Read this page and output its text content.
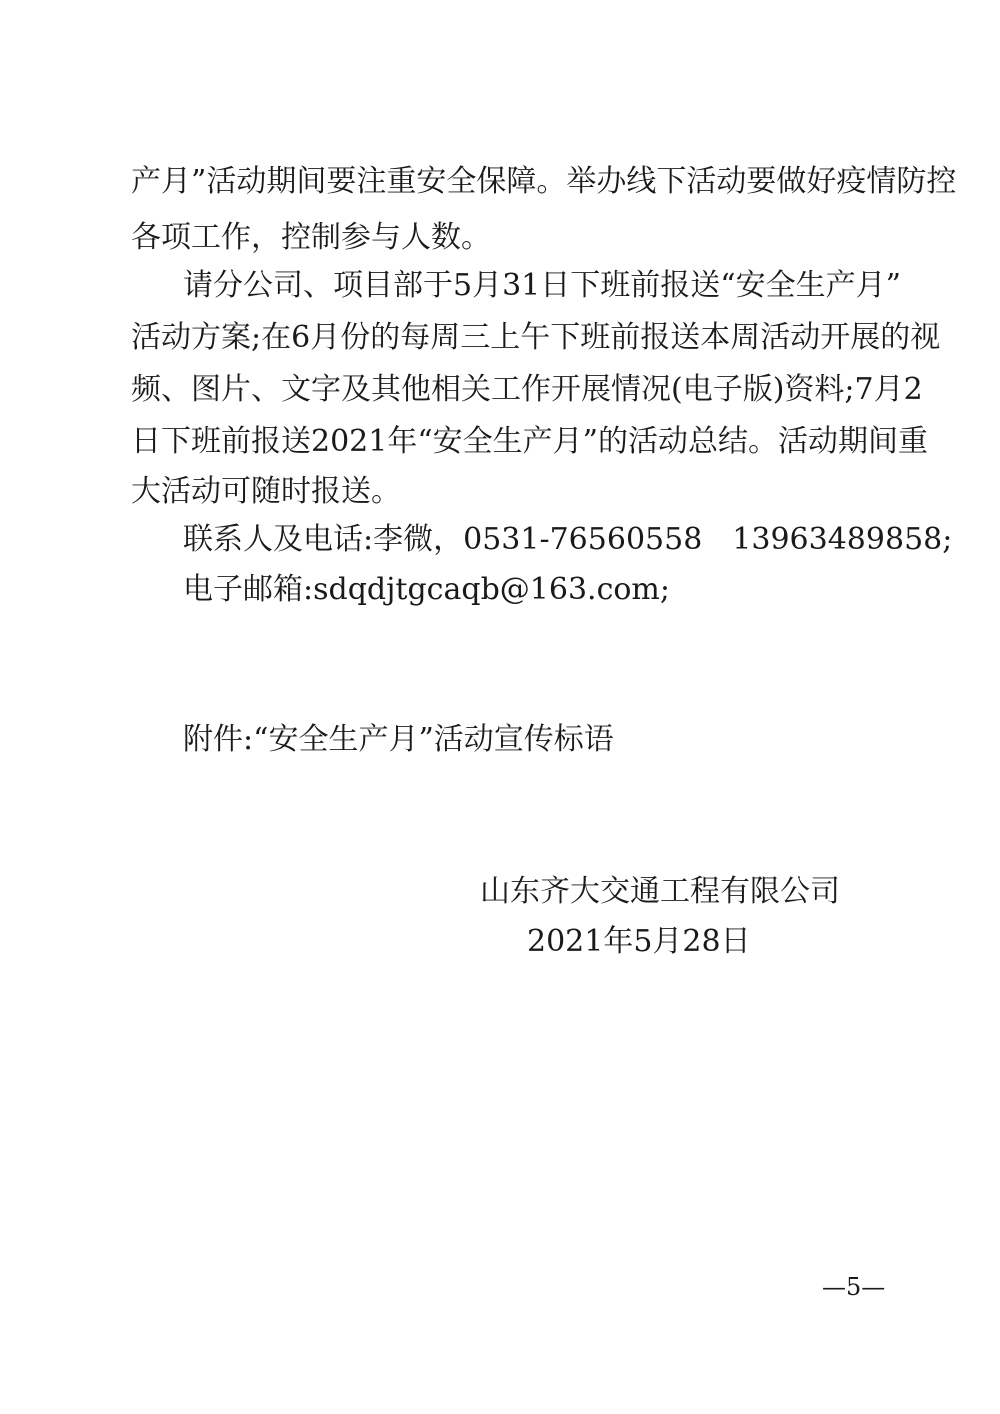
产月”活动期间要注重安全保障。举办线下活动要做好疫情防控
各项工作，控制参与人数。
请分公司、项目部于5月31日下班前报送“安全生产月”
活动方案;在6月份的每周三上午下班前报送本周活动开展的视
频、图片、文字及其他相关工作开展情况(电子版)资料;7月2
日下班前报送2021年“安全生产月”的活动总结。活动期间重
大活动可随时报送。
联系人及电话:李微，0531-76560558　13963489858;
电子邮箱:sdqdjtgcaqb@163.com;
附件:“安全生产月”活动宣传标语
山东齐大交通工程有限公司
2021年5月28日
—5—
